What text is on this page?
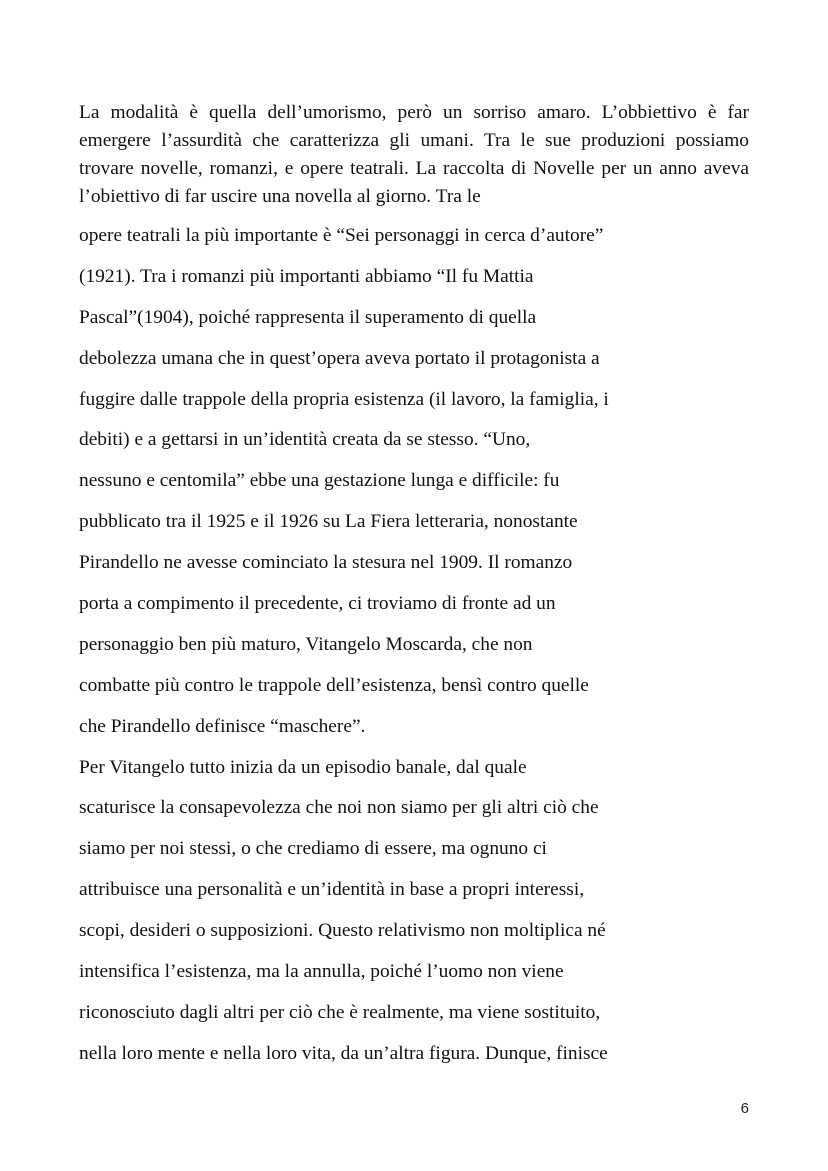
La modalità è quella dell’umorismo, però un sorriso amaro. L’obbiettivo è far
emergere l’assurdità che caratterizza gli umani. Tra le sue produzioni possiamo
trovare novelle, romanzi, e opere teatrali. La raccolta di Novelle per un anno aveva
l’obiettivo di far uscire una novella al giorno. Tra le
opere teatrali la più importante è “Sei personaggi in cerca d’autore”
(1921). Tra i romanzi più importanti abbiamo “Il fu Mattia
Pascal”(1904), poiché rappresenta il superamento di quella
debolezza umana che in quest’opera aveva portato il protagonista a
fuggire dalle trappole della propria esistenza (il lavoro, la famiglia, i
debiti) e a gettarsi in un’identità creata da se stesso. “Uno,
nessuno e centomila” ebbe una gestazione lunga e difficile: fu
pubblicato tra il 1925 e il 1926 su La Fiera letteraria, nonostante
Pirandello ne avesse cominciato la stesura nel 1909. Il romanzo
porta a compimento il precedente, ci troviamo di fronte ad un
personaggio ben più maturo, Vitangelo Moscarda, che non
combatte più contro le trappole dell’esistenza, bensì contro quelle
che Pirandello definisce “maschere”.
Per Vitangelo tutto inizia da un episodio banale, dal quale
scaturisce la consapevolezza che noi non siamo per gli altri ciò che
siamo per noi stessi, o che crediamo di essere, ma ognuno ci
attribuisce una personalità e un’identità in base a propri interessi,
scopi, desideri o supposizioni. Questo relativismo non moltiplica né
intensifica l’esistenza, ma la annulla, poiché l’uomo non viene
riconosciuto dagli altri per ciò che è realmente, ma viene sostituito,
nella loro mente e nella loro vita, da un’altra figura. Dunque, finisce
6
